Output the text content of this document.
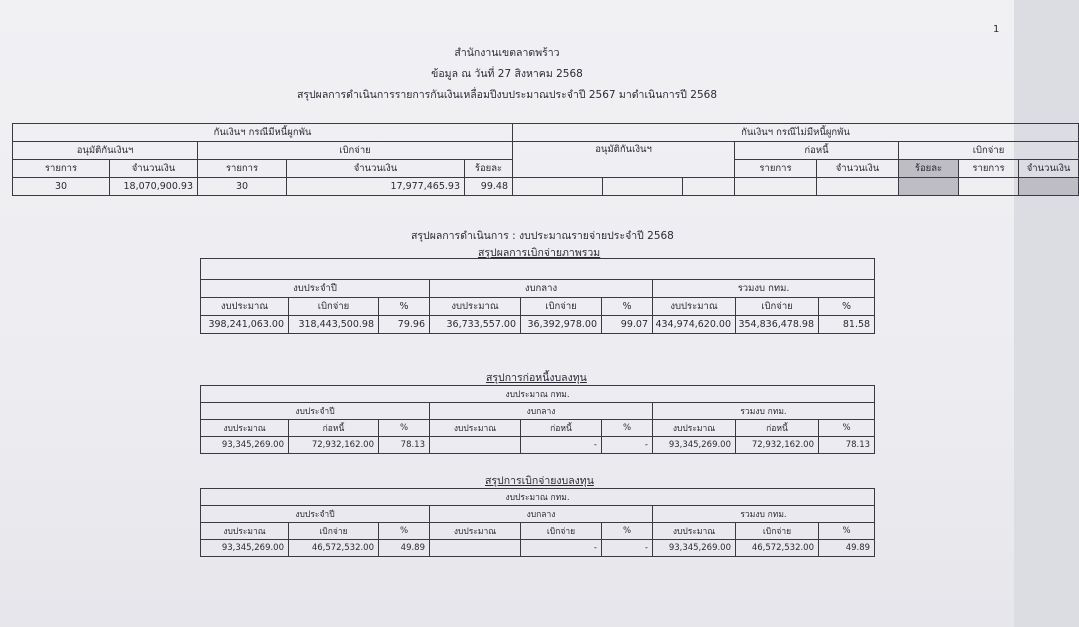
1
สำนักงานเขตลาดพร้าว
ข้อมูล ณ วันที่ 27 สิงหาคม 2568
สรุปผลการดำเนินการรายการกันเงินเหลื่อมปีงบประมาณประจำปี 2567 มาดำเนินการปี 2568
กันเงินฯ กรณีมีหนี้ผูกพัน					กันเงินฯ กรณีไม่มีหนี้ผูกพัน								
อนุมัติกันเงินฯ		เบิกจ่าย			อนุมัติกันเงินฯ			ก่อหนี้		เบิกจ่าย			
รายการ	จำนวนเงิน	รายการ	จำนวนเงิน	ร้อยละ				รายการ	จำนวนเงิน	ร้อยละ	รายการ	จำนวนเงิน	
30	18,070,900.93	30	17,977,465.93	99.48									
สรุปผลการดำเนินการ : งบประมาณรายจ่ายประจำปี 2568
สรุปผลการเบิกจ่ายภาพรวม

งบประจำปี			งบกลาง			รวมงบ กทม.		
งบประมาณ	เบิกจ่าย	%	งบประมาณ	เบิกจ่าย	%	งบประมาณ	เบิกจ่าย	%
398,241,063.00	318,443,500.98	79.96	36,733,557.00	36,392,978.00	99.07	434,974,620.00	354,836,478.98	81.58
สรุปการก่อหนี้งบลงทุน
งบประมาณ กทม.								
งบประจำปี			งบกลาง			รวมงบ กทม.		
งบประมาณ	ก่อหนี้	%	งบประมาณ	ก่อหนี้	%	งบประมาณ	ก่อหนี้	%
93,345,269.00	72,932,162.00	78.13		-	-	93,345,269.00	72,932,162.00	78.13
สรุปการเบิกจ่ายงบลงทุน
งบประมาณ กทม.								
งบประจำปี			งบกลาง			รวมงบ กทม.		
งบประมาณ	เบิกจ่าย	%	งบประมาณ	เบิกจ่าย	%	งบประมาณ	เบิกจ่าย	%
93,345,269.00	46,572,532.00	49.89		-	-	93,345,269.00	46,572,532.00	49.89
